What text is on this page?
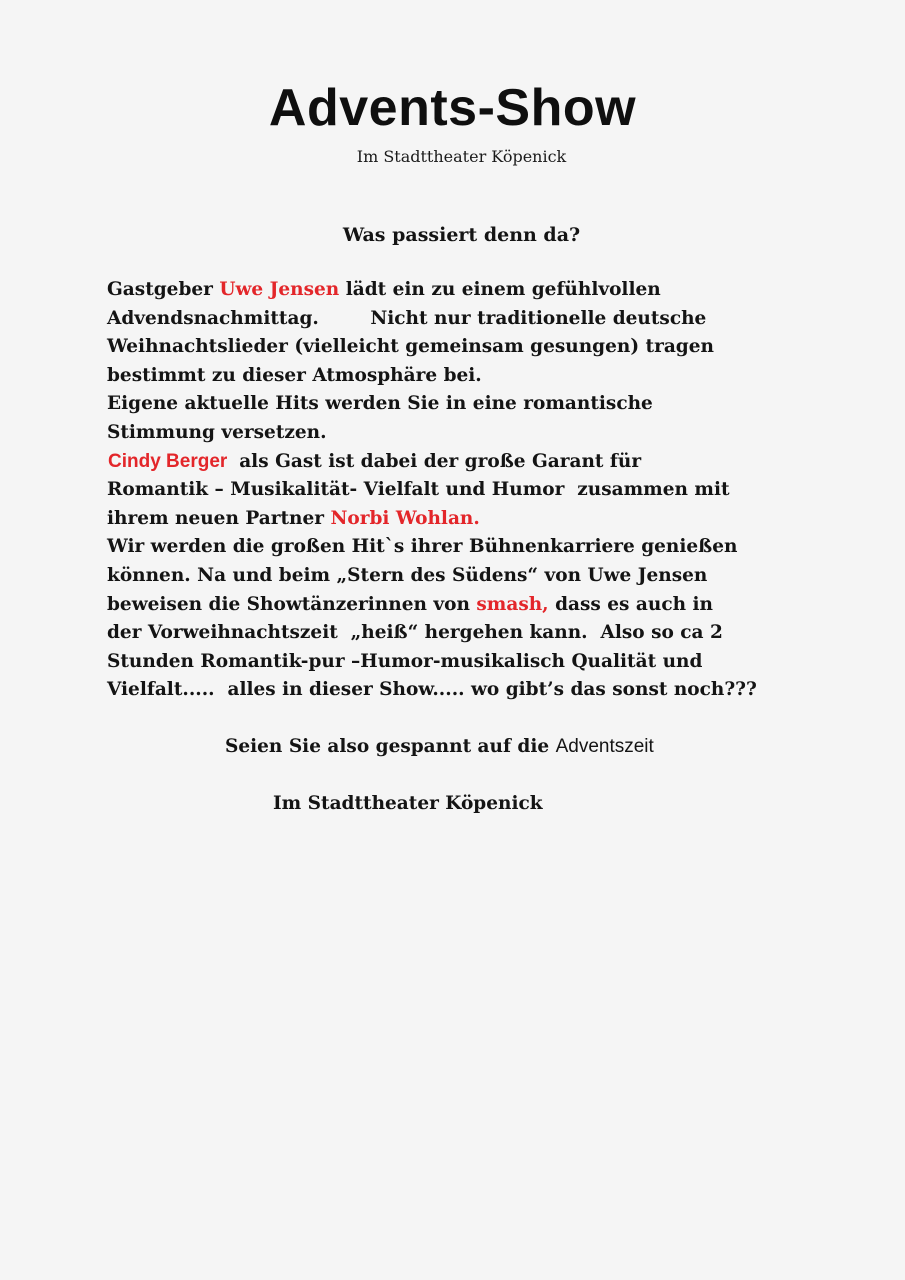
Advents-Show
Im Stadttheater Köpenick
Was passiert denn da?
Gastgeber Uwe Jensen lädt ein zu einem gefühlvollen
Advendsnachmittag.        Nicht nur traditionelle deutsche
Weihnachtslieder (vielleicht gemeinsam gesungen) tragen
bestimmt zu dieser Atmosphäre bei.
Eigene aktuelle Hits werden Sie in eine romantische
Stimmung versetzen.
Cindy Berger  als Gast ist dabei der große Garant für
Romantik – Musikalität- Vielfalt und Humor  zusammen mit
ihrem neuen Partner Norbi Wohlan.
Wir werden die großen Hit`s ihrer Bühnenkarriere genießen
können. Na und beim „Stern des Südens“ von Uwe Jensen
beweisen die Showtänzerinnen von smash, dass es auch in
der Vorweihnachtszeit  „heiß“ hergehen kann.  Also so ca 2
Stunden Romantik-pur –Humor-musikalisch Qualität und
Vielfalt.....  alles in dieser Show..... wo gibt’s das sonst noch???
Seien Sie also gespannt auf die Adventszeit
Im Stadttheater Köpenick
